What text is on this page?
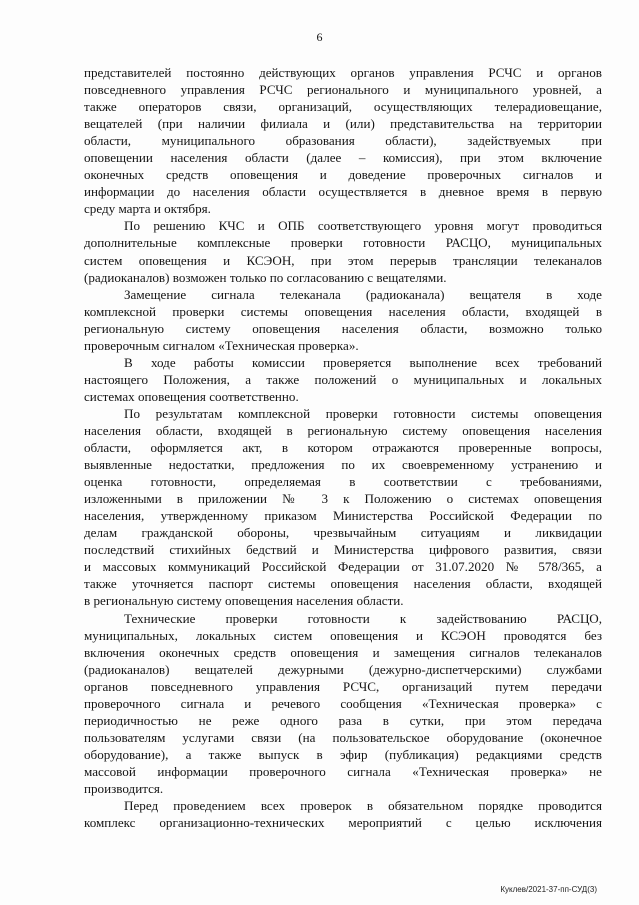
6
представителей постоянно действующих органов управления РСЧС и органов
повседневного управления РСЧС регионального и муниципального уровней, а
также операторов связи, организаций, осуществляющих телерадиовещание,
вещателей (при наличии филиала и (или) представительства на территории
области, муниципального образования области), задействуемых при
оповещении населения области (далее – комиссия), при этом включение
оконечных средств оповещения и доведение проверочных сигналов и
информации до населения области осуществляется в дневное время в первую
среду марта и октября.
По решению КЧС и ОПБ соответствующего уровня могут проводиться
дополнительные комплексные проверки готовности РАСЦО, муниципальных
систем оповещения и КСЭОН, при этом перерыв трансляции телеканалов
(радиоканалов) возможен только по согласованию с вещателями.
Замещение сигнала телеканала (радиоканала) вещателя в ходе
комплексной проверки системы оповещения населения области, входящей в
региональную систему оповещения населения области, возможно только
проверочным сигналом «Техническая проверка».
В ходе работы комиссии проверяется выполнение всех требований
настоящего Положения, а также положений о муниципальных и локальных
системах оповещения соответственно.
По результатам комплексной проверки готовности системы оповещения
населения области, входящей в региональную систему оповещения населения
области, оформляется акт, в котором отражаются проверенные вопросы,
выявленные недостатки, предложения по их своевременному устранению и
оценка готовности, определяемая в соответствии с требованиями,
изложенными в приложении № 3 к Положению о системах оповещения
населения, утвержденному приказом Министерства Российской Федерации по
делам гражданской обороны, чрезвычайным ситуациям и ликвидации
последствий стихийных бедствий и Министерства цифрового развития, связи
и массовых коммуникаций Российской Федерации от 31.07.2020 № 578/365, а
также уточняется паспорт системы оповещения населения области, входящей
в региональную систему оповещения населения области.
Технические проверки готовности к задействованию РАСЦО,
муниципальных, локальных систем оповещения и КСЭОН проводятся без
включения оконечных средств оповещения и замещения сигналов телеканалов
(радиоканалов) вещателей дежурными (дежурно-диспетчерскими) службами
органов повседневного управления РСЧС, организаций путем передачи
проверочного сигнала и речевого сообщения «Техническая проверка» с
периодичностью не реже одного раза в сутки, при этом передача
пользователям услугами связи (на пользовательское оборудование (оконечное
оборудование), а также выпуск в эфир (публикация) редакциями средств
массовой информации проверочного сигнала «Техническая проверка» не
производится.
Перед проведением всех проверок в обязательном порядке проводится
комплекс организационно-технических мероприятий с целью исключения
Куклев/2021-37-пп-СУД(3)
